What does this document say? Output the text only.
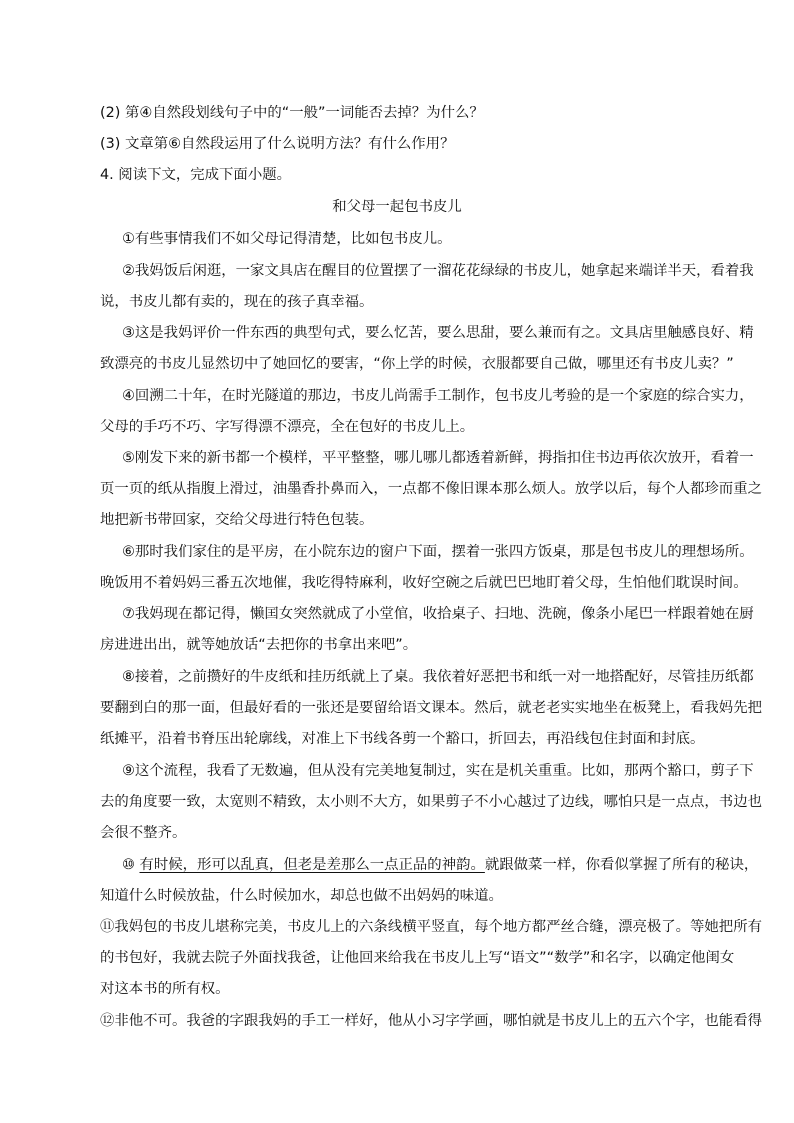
(2) 第④自然段划线句子中的“一般”一词能否去掉？为什么？
(3) 文章第⑥自然段运用了什么说明方法？有什么作用？
4. 阅读下文，完成下面小题。
和父母一起包书皮儿
①有些事情我们不如父母记得清楚，比如包书皮儿。
②我妈饭后闲逛，一家文具店在醒目的位置摆了一溜花花绿绿的书皮儿，她拿起来端详半天，看着我
说，书皮儿都有卖的，现在的孩子真幸福。
③这是我妈评价一件东西的典型句式，要么忆苦，要么思甜，要么兼而有之。文具店里触感良好、精
致漂亮的书皮儿显然切中了她回忆的要害，“你上学的时候，衣服都要自己做，哪里还有书皮儿卖？”
④回溯二十年，在时光隧道的那边，书皮儿尚需手工制作，包书皮儿考验的是一个家庭的综合实力，
父母的手巧不巧、字写得漂不漂亮，全在包好的书皮儿上。
⑤刚发下来的新书都一个模样，平平整整，哪儿哪儿都透着新鲜，拇指扣住书边再依次放开，看着一
页一页的纸从指腹上滑过，油墨香扑鼻而入，一点都不像旧课本那么烦人。放学以后，每个人都珍而重之
地把新书带回家，交给父母进行特色包装。
⑥那时我们家住的是平房，在小院东边的窗户下面，摆着一张四方饭桌，那是包书皮儿的理想场所。
晚饭用不着妈妈三番五次地催，我吃得特麻利，收好空碗之后就巴巴地盯着父母，生怕他们耽误时间。
⑦我妈现在都记得，懒囯女突然就成了小堂倌，收拾桌子、扫地、洗碗，像条小尾巴一样跟着她在厨
房进进出出，就等她放话“去把你的书拿出来吧”。
⑧接着，之前攒好的牛皮纸和挂历纸就上了桌。我依着好恶把书和纸一对一地搭配好，尽管挂历纸都
要翻到白的那一面，但最好看的一张还是要留给语文课本。然后，就老老实实地坐在板凳上，看我妈先把
纸摊平，沿着书脊压出轮廓线，对准上下书线各剪一个豁口，折回去，再沿线包住封面和封底。
⑨这个流程，我看了无数遍，但从没有完美地复制过，实在是机关重重。比如，那两个豁口，剪子下
去的角度要一致，太宽则不精致，太小则不大方，如果剪子不小心越过了边线，哪怕只是一点点，书边也
会很不整齐。
⑩ 有时候，形可以乱真，但老是差那么一点正品的神韵。就跟做菜一样，你看似掌握了所有的秘诀，
知道什么时候放盐，什么时候加水，却总也做不出妈妈的味道。
⑪我妈包的书皮儿堪称完美，书皮儿上的六条线横平竖直，每个地方都严丝合缝，漂亮极了。等她把所有
的书包好，我就去院子外面找我爸，让他回来给我在书皮儿上写“语文”“数学”和名字，以确定他闺女
对这本书的所有权。
⑫非他不可。我爸的字跟我妈的手工一样好，他从小习字学画，哪怕就是书皮儿上的五六个字，也能看得
